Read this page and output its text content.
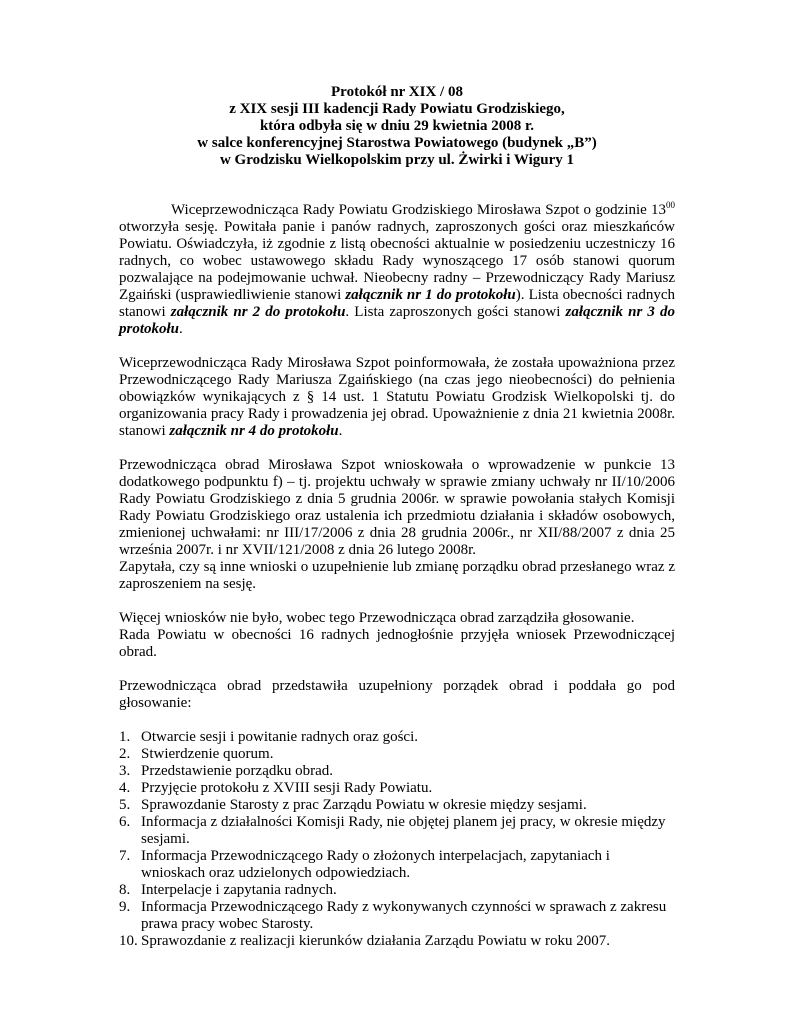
Protokół nr XIX / 08
z XIX sesji III kadencji Rady Powiatu Grodziskiego,
która odbyła się w dniu 29 kwietnia 2008 r.
w salce konferencyjnej Starostwa Powiatowego (budynek „B”)
w Grodzisku Wielkopolskim przy ul. Żwirki i Wigury 1

Wiceprzewodnicząca Rady Powiatu Grodziskiego Mirosława Szpot o godzinie $13^{00}$ otworzyła sesję. Powitała panie i panów radnych, zaproszonych gości oraz mieszkańców Powiatu. Oświadczyła, iż zgodnie z listą obecności aktualnie w posiedzeniu uczestniczy 16 radnych, co wobec ustawowego składu Rady wynoszącego 17 osób stanowi quorum pozwalające na podejmowanie uchwał. Nieobecny radny – Przewodniczący Rady Mariusz Zgaiński (usprawiedliwienie stanowi załącznik nr 1 do protokołu). Lista obecności radnych stanowi załącznik nr 2 do protokołu. Lista zaproszonych gości stanowi załącznik nr 3 do protokołu.

Wiceprzewodnicząca Rady Mirosława Szpot poinformowała, że została upoważniona przez Przewodniczącego Rady Mariusza Zgaińskiego (na czas jego nieobecności) do pełnienia obowiązków wynikających z § 14 ust. 1 Statutu Powiatu Grodzisk Wielkopolski tj. do organizowania pracy Rady i prowadzenia jej obrad. Upoważnienie z dnia 21 kwietnia 2008r. stanowi załącznik nr 4 do protokołu.

Przewodnicząca obrad Mirosława Szpot wnioskowała o wprowadzenie w punkcie 13 dodatkowego podpunktu f) – tj. projektu uchwały w sprawie zmiany uchwały nr II/10/2006 Rady Powiatu Grodziskiego z dnia 5 grudnia 2006r. w sprawie powołania stałych Komisji Rady Powiatu Grodziskiego oraz ustalenia ich przedmiotu działania i składów osobowych, zmienionej uchwałami: nr III/17/2006 z dnia 28 grudnia 2006r., nr XII/88/2007 z dnia 25 września 2007r. i nr XVII/121/2008 z dnia 26 lutego 2008r.

Zapytała, czy są inne wnioski o uzupełnienie lub zmianę porządku obrad przesłanego wraz z zaproszeniem na sesję.

Więcej wniosków nie było, wobec tego Przewodnicząca obrad zarządziła głosowanie.

Rada Powiatu w obecności 16 radnych jednogłośnie przyjęła wniosek Przewodniczącej obrad.

Przewodnicząca obrad przedstawiła uzupełniony porządek obrad i poddała go pod głosowanie:

1. Otwarcie sesji i powitanie radnych oraz gości.
2. Stwierdzenie quorum.
3. Przedstawienie porządku obrad.
4. Przyjęcie protokołu z XVIII sesji Rady Powiatu.
5. Sprawozdanie Starosty z prac Zarządu Powiatu w okresie między sesjami.
6. Informacja z działalności Komisji Rady, nie objętej planem jej pracy, w okresie między sesjami.
7. Informacja Przewodniczącego Rady o złożonych interpelacjach, zapytaniach i wnioskach oraz udzielonych odpowiedziach.
8. Interpelacje i zapytania radnych.
9. Informacja Przewodniczącego Rady z wykonywanych czynności w sprawach z zakresu prawa pracy wobec Starosty.
10. Sprawozdanie z realizacji kierunków działania Zarządu Powiatu w roku 2007.
